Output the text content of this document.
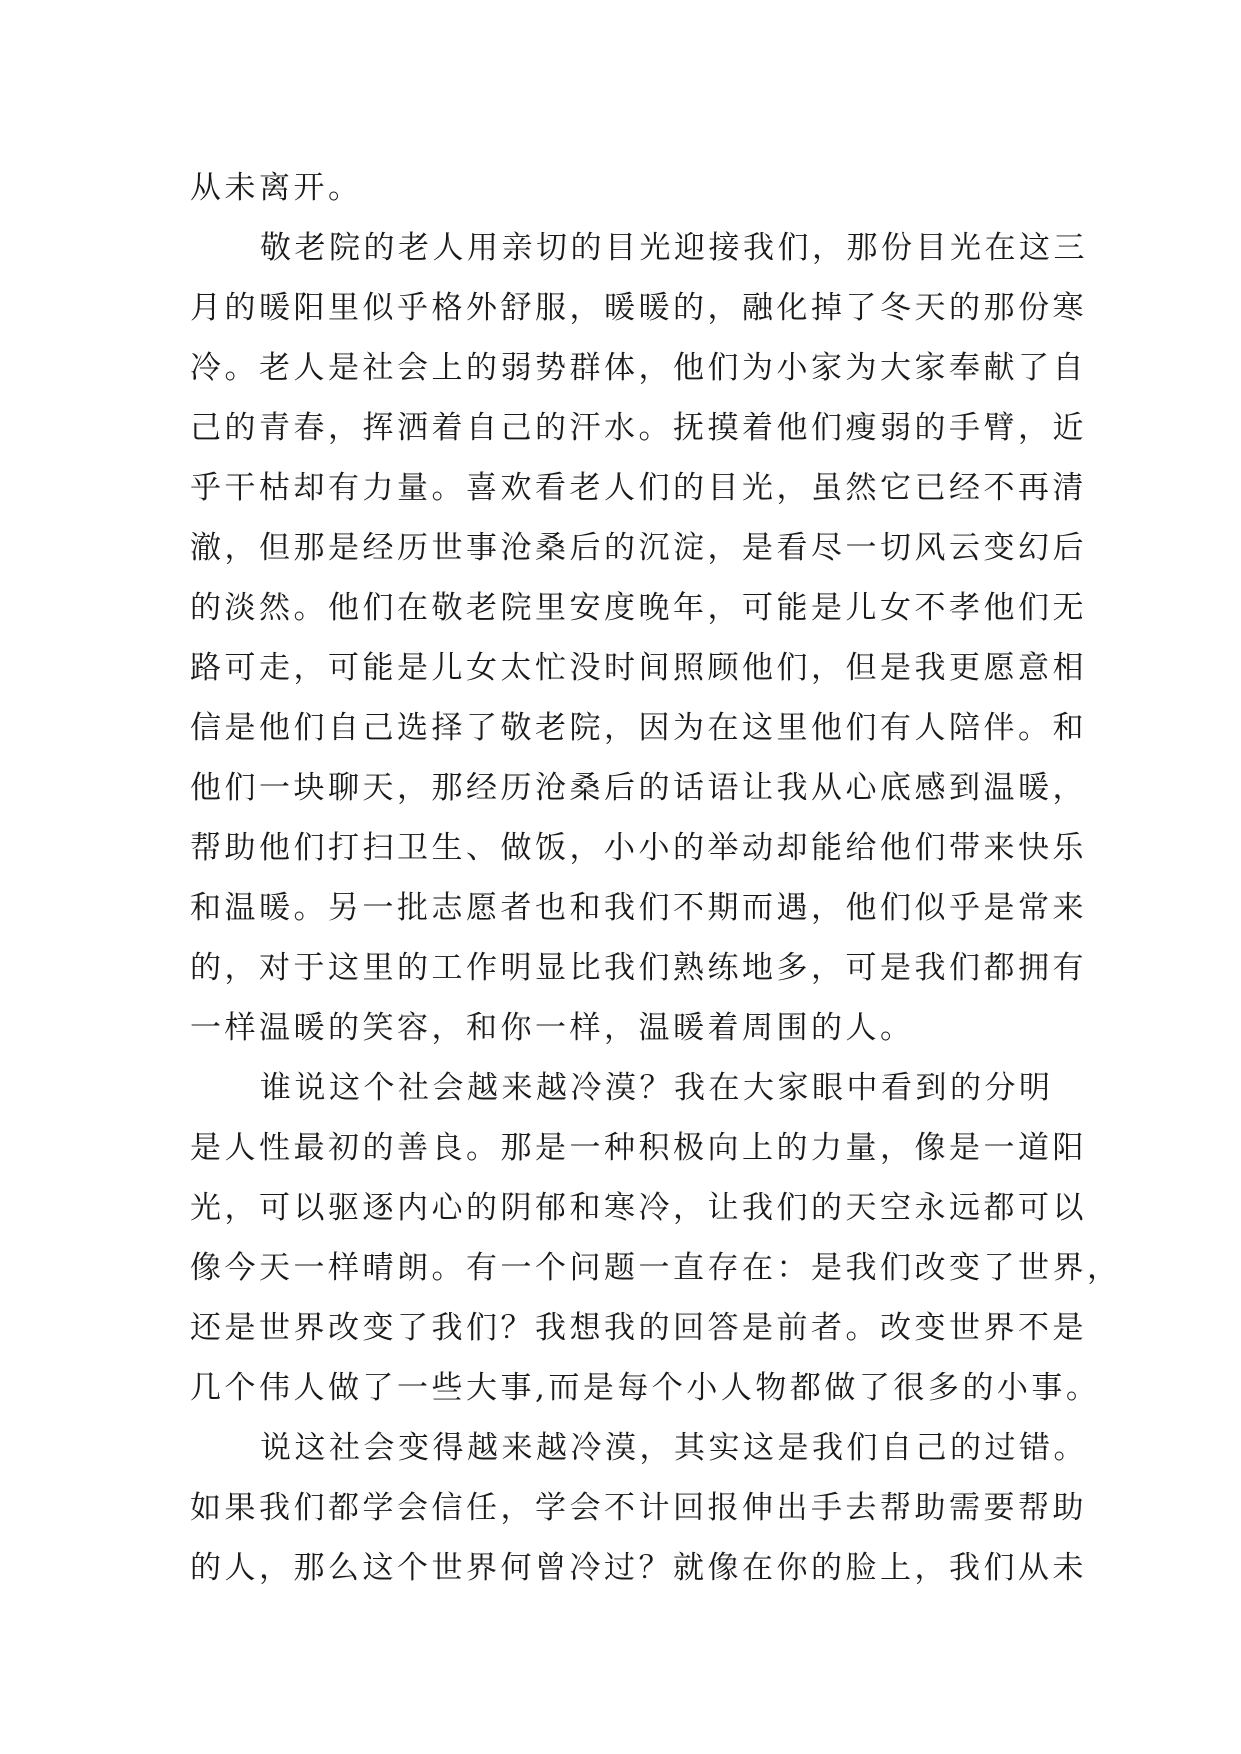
从未离开。
敬老院的老人用亲切的目光迎接我们，那份目光在这三
月的暖阳里似乎格外舒服，暖暖的，融化掉了冬天的那份寒
冷。老人是社会上的弱势群体，他们为小家为大家奉献了自
己的青春，挥洒着自己的汗水。抚摸着他们瘦弱的手臂，近
乎干枯却有力量。喜欢看老人们的目光，虽然它已经不再清
澈，但那是经历世事沧桑后的沉淀，是看尽一切风云变幻后
的淡然。他们在敬老院里安度晚年，可能是儿女不孝他们无
路可走，可能是儿女太忙没时间照顾他们，但是我更愿意相
信是他们自己选择了敬老院，因为在这里他们有人陪伴。和
他们一块聊天，那经历沧桑后的话语让我从心底感到温暖，
帮助他们打扫卫生、做饭，小小的举动却能给他们带来快乐
和温暖。另一批志愿者也和我们不期而遇，他们似乎是常来
的，对于这里的工作明显比我们熟练地多，可是我们都拥有
一样温暖的笑容，和你一样，温暖着周围的人。
谁说这个社会越来越冷漠？我在大家眼中看到的分明
是人性最初的善良。那是一种积极向上的力量，像是一道阳
光，可以驱逐内心的阴郁和寒冷，让我们的天空永远都可以
像今天一样晴朗。有一个问题一直存在：是我们改变了世界，
还是世界改变了我们？我想我的回答是前者。改变世界不是
几个伟人做了一些大事,而是每个小人物都做了很多的小事。
说这社会变得越来越冷漠，其实这是我们自己的过错。
如果我们都学会信任，学会不计回报伸出手去帮助需要帮助
的人，那么这个世界何曾冷过？就像在你的脸上，我们从未
